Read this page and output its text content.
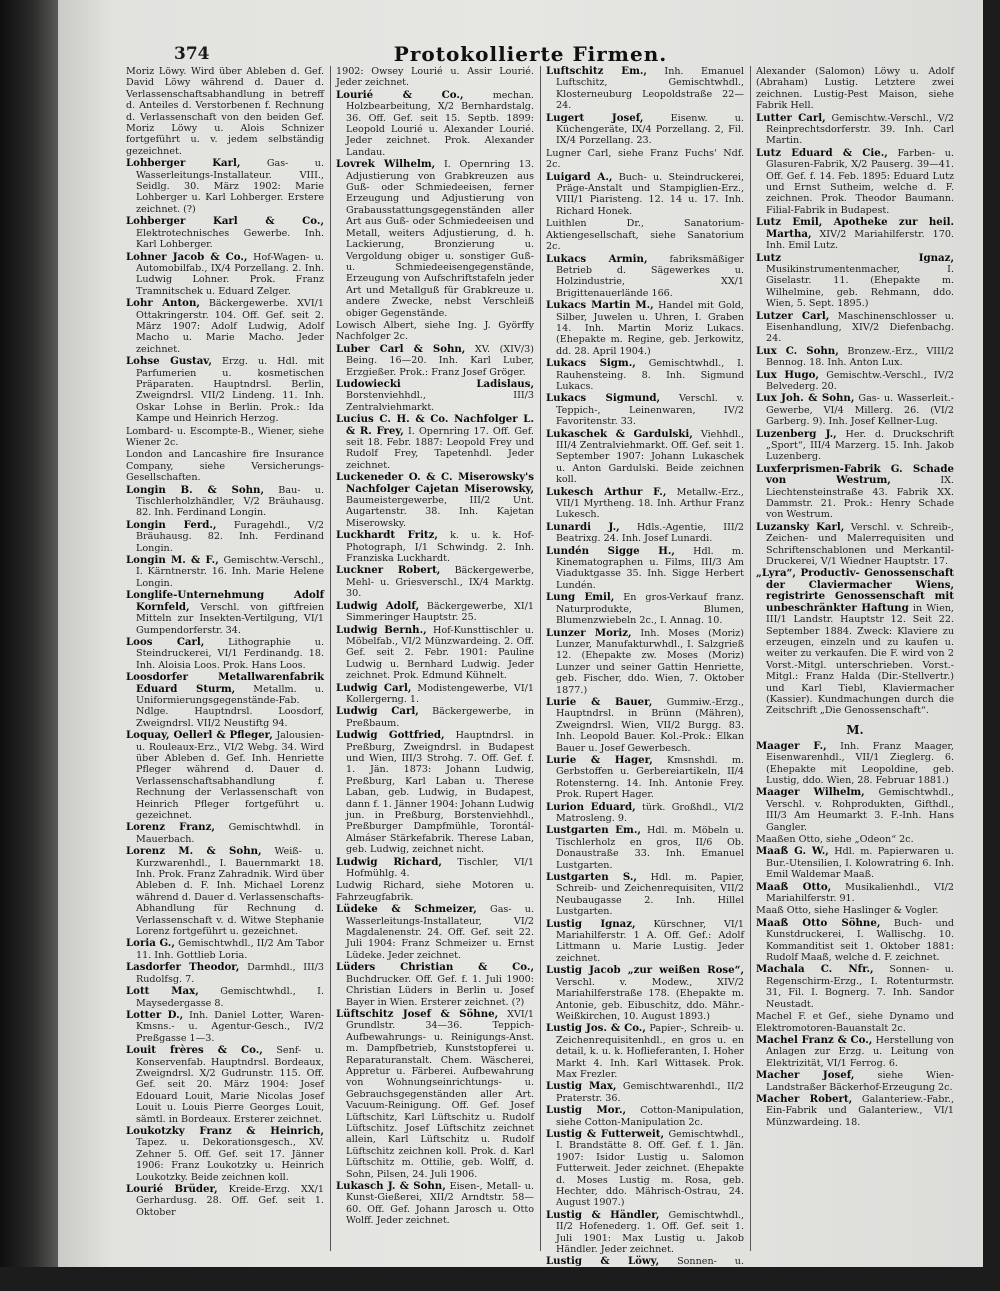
374	Protokollierte Firmen.
Moriz Löwy. Wird über Ableben d. Gef. David Löwy während d. Dauer d. Verlassenschaftsabhandlung in betreff d. Anteiles d. Verstorbenen f. Rechnung d. Verlassenschaft von den beiden Gef. Moriz Löwy u. Alois Schnizer fortgeführt u. v. jedem selbständig gezeichnet.
Lohberger Karl,	Gas- u. Wasserleitungs-Installateur. VIII., Seidlg. 30. März 1902: Marie Lohberger u. Karl Lohberger. Erstere zeichnet. (?)
Lohberger Karl & Co., Elektrotechnisches Gewerbe. Inh. Karl Lohberger.
Lohner Jacob & Co., Hof-Wagen- u. Automobilfab., IX/4 Porzellang. 2. Inh. Ludwig Lohner. Prok. Franz Tramnitschek u. Eduard Zelger.
Lohr Anton, Bäckergewerbe. XVI/1 Ottakringerstr. 104. Off. Gef. seit 2. März 1907: Adolf Ludwig, Adolf Macho u. Marie Macho. Jeder zeichnet.
Lohse Gustav, Erzg. u. Hdl. mit Parfumerien u. kosmetischen Präparaten. Hauptndrsl. Berlin, Zweigndrsl. VII/2 Lindeng. 11. Inh. Oskar Lohse in Berlin. Prok.: Ida Kampe und Heinrich Herzog.
Lombard- u. Escompte-B., Wiener, siehe Wiener 2c.
London and Lancashire fire Insurance Company, siehe Versicherungs-Gesellschaften.
Longin B. & Sohn, Bau- u. Tischlerholzhändler, V/2 Bräuhausg. 82. Inh. Ferdinand Longin.
Longin Ferd., Furagehdl., V/2 Bräuhausg. 82. Inh. Ferdinand Longin.
Longin M. & F., Gemischtw.-Verschl., I. Kärntnerstr. 16. Inh. Marie Helene Longin.
Longlife-Unternehmung Adolf Kornfeld, Verschl. von giftfreien Mitteln zur Insekten-Vertilgung, VI/1 Gumpendorferstr. 34.
Loos Carl, Lithographie u. Steindruckerei, VI/1 Ferdinandg. 18. Inh. Aloisia Loos. Prok. Hans Loos.
Loosdorfer Metallwarenfabrik Eduard Sturm, Metallm. u. Uniformierungsgegenstände-Fab. Ndlge. Hauptndrsl. Loosdorf, Zweigndrsl. VII/2 Neustiftg 94.
Loquay, Oellerl & Pfleger, Jalousien- u. Rouleaux-Erz., VI/2 Webg. 34. Wird über Ableben d. Gef. Inh. Henriette Pfleger während d. Dauer d. Verlassenschaftsabhandlung f. Rechnung der Verlassenschaft von Heinrich Pfleger fortgeführt u. gezeichnet.
Lorenz Franz, Gemischtwhdl. in Mauerbach.
Lorenz M. & Sohn, Weiß- u. Kurzwarenhdl., I. Bauernmarkt 18. Inh. Prok. Franz Zahradnik. Wird über Ableben d. F. Inh. Michael Lorenz während d. Dauer d. Verlassenschafts-Abhandlung für Rechnung d. Verlassenschaft v. d. Witwe Stephanie Lorenz fortgeführt u. gezeichnet.
Loria G., Gemischtwhdl., II/2 Am Tabor 11. Inh. Gottlieb Loria.
Lasdorfer Theodor, Darmhdl., III/3 Rudolfsg. 7.
Lott Max, Gemischtwhdl., I. Maysedergasse 8.
Lotter D., Inh. Daniel Lotter, Waren-Kmsns.- u. Agentur-Gesch., IV/2 Preßgasse 1—3.
Louit frères & Co., Senf- u. Konservenfab. Hauptndrsl. Bordeaux, Zweigndrsl. X/2 Gudrunstr. 115. Off. Gef. seit 20. März 1904: Josef Edouard Louit, Marie Nicolas Josef Louit u. Louis Pierre Georges Louit, sämtl. in Bordeaux. Ersterer zeichnet.
Loukotzky Franz & Heinrich, Tapez. u. Dekorationsgesch., XV. Zehner 5. Off. Gef. seit 17. Jänner 1906: Franz Loukotzky u. Heinrich Loukotzky. Beide zeichnen koll.
Lourié Brüder, Kreide-Erzg. XX/1 Gerhardusg. 28. Off. Gef. seit 1. Oktober
1902: Owsey Lourié u. Assir Lourié. Jeder zeichnet.
Lourié & Co.,	mechan. Holzbearbeitung, X/2 Bernhardstalg. 36. Off. Gef. seit 15. Septb. 1899: Leopold Lourié u. Alexander Lourié. Jeder zeichnet. Prok. Alexander Landau.
Lovrek Wilhelm, I. Opernring 13. Adjustierung von Grabkreuzen aus Guß- oder Schmiedeeisen, ferner Erzeugung und Adjustierung von Grabausstattungsgegenständen aller Art aus Guß- oder Schmiedeeisen und Metall, weiters Adjustierung, d. h. Lackierung, Bronzierung u. Vergoldung obiger u. sonstiger Guß- u. Schmiedeeisengegenstände, Erzeugung von Aufschriftstafeln jeder Art und Metallguß für Grabkreuze u. andere Zwecke, nebst Verschleiß obiger Gegenstände.
Lowisch Albert, siehe Ing. J. Györffy Nachfolger 2c.
Luber Carl & Sohn, XV. (XIV/3) Being. 16—20. Inh. Karl Luber, Erzgießer. Prok.: Franz Josef Gröger.
Ludowiecki Ladislaus, Borstenviehhdl., III/3 Zentralviehmarkt.
Lucius C. H. & Co. Nachfolger L. & R. Frey, I. Opernring 17. Off. Gef. seit 18. Febr. 1887: Leopold Frey und Rudolf Frey, Tapetenhdl. Jeder zeichnet.
Luckeneder O. & C. Miserowsky's Nachfolger Cajetan Miserowsky, Baumeistergewerbe, III/2 Unt. Augartenstr. 38. Inh. Kajetan Miserowsky.
Luckhardt Fritz, k. u. k. Hof-Photograph, I/1 Schwindg. 2. Inh. Franziska Luckhardt.
Luckner Robert, Bäckergewerbe, Mehl- u. Griesverschl., IX/4 Marktg. 30.
Ludwig Adolf, Bäckergewerbe, XI/1 Simmeringer Hauptstr. 25.
Ludwig Bernh., Hof-Kunsttischler u. Möbelfab., VI/2 Münzwardeing. 2. Off. Gef. seit 2. Febr. 1901: Pauline Ludwig u. Bernhard Ludwig. Jeder zeichnet. Prok. Edmund Kühnelt.
Ludwig Carl, Modistengewerbe, VI/1 Kollergerng. 1.
Ludwig Carl, Bäckergewerbe, in Preßbaum.
Ludwig Gottfried, Hauptndrsl. in Preßburg, Zweigndrsl. in Budapest und Wien, III/3 Strohg. 7. Off. Gef. f. 1. Jän. 1873: Johann Ludwig, Preßburg, Karl Laban u. Therese Laban, geb. Ludwig, in Budapest, dann f. 1. Jänner 1904: Johann Ludwig jun. in Preßburg, Borstenviehhdl., Preßburger Dampfmühle, Torontál-Almáser Stärkefabrik. Therese Laban, geb. Ludwig, zeichnet nicht.
Ludwig Richard, Tischler, VI/1 Hofmühlg. 4.
Ludwig Richard, siehe Motoren u. Fahrzeugfabrik.
Lüdeke & Schmeizer, Gas- u. Wasserleitungs-Installateur, VI/2 Magdalenenstr. 24. Off. Gef. seit 22. Juli 1904: Franz Schmeizer u. Ernst Lüdeke. Jeder zeichnet.
Lüders Christian & Co., Buchdrucker. Off. Gef. f. 1. Juli 1900: Christian Lüders in Berlin u. Josef Bayer in Wien. Ersterer zeichnet. (?)
Lüftschitz Josef & Söhne, XVI/1 Grundlstr. 34—36. Teppich-Aufbewahrungs- u. Reinigungs-Anst. m. Dampfbetrieb, Kunststopferei u. Reparaturanstalt. Chem. Wäscherei, Appretur u. Färberei. Aufbewahrung von Wohnungseinrichtungs- u. Gebrauchsgegenständen aller Art. Vacuum-Reinigung. Off. Gef. Josef Lüftschitz, Karl Lüftschitz u. Rudolf Lüftschitz. Josef Lüftschitz zeichnet allein, Karl Lüftschitz u. Rudolf Lüftschitz zeichnen koll. Prok. d. Karl Lüftschitz m. Ottilie, geb. Wolff, d. Sohn, Pilsen, 24. Juli 1906.
Lukasch J. & Sohn, Eisen-, Metall- u. Kunst-Gießerei, XII/2 Arndtstr. 58—60. Off. Gef. Johann Jarosch u. Otto Wolff. Jeder zeichnet.
Luftschitz Em., Inh. Emanuel Luftschitz, Gemischtwhdl., Klosterneuburg Leopoldstraße 22—24.
Lugert Josef,	Eisenw. u. Küchengeräte, IX/4 Porzellang. 2, Fil. IX/4 Porzellang. 23.
Lugner Carl, siehe Franz Fuchs' Ndf. 2c.
Luigard A., Buch- u. Steindruckerei, Präge-Anstalt und Stampiglien-Erz., VIII/1 Piaristeng. 12. 14 u. 17. Inh. Richard Honek.
Luithlen Dr., Sanatorium-Aktiengesellschaft, siehe Sanatorium 2c.
Lukacs Armin, fabriksmäßiger Betrieb d. Sägewerkes u. Holzindustrie, XX/1 Brigittenauerlände 166.
Lukacs Martin M., Handel mit Gold, Silber, Juwelen u. Uhren, I. Graben 14. Inh. Martin Moriz Lukacs. (Ehepakte m. Regine, geb. Jerkowitz, dd. 28. April 1904.)
Lukacs Sigm., Gemischtwhdl., I. Rauhensteing. 8. Inh. Sigmund Lukacs.
Lukacs Sigmund, Verschl. v. Teppich-, Leinenwaren, IV/2 Favoritenstr. 33.
Lukaschek & Gardulski, Viehhdl., III/4 Zentralviehmarkt. Off. Gef. seit 1. September 1907: Johann Lukaschek u. Anton Gardulski. Beide zeichnen koll.
Lukesch Arthur F., Metallw.-Erz., VII/1 Myrtheng. 18. Inh. Arthur Franz Lukesch.
Lunardi J., Hdls.-Agentie, III/2 Beatrixg. 24. Inh. Josef Lunardi.
Lundén Sigge H., Hdl. m. Kinematographen u. Films, III/3 Am Viaduktgasse 35. Inh. Sigge Herbert Lundén.
Lung Emil, En gros-Verkauf franz. Naturprodukte, Blumen, Blumenzwiebeln 2c., I. Annag. 10.
Lunzer Moriz, Inh. Moses (Moriz) Lunzer, Manufakturwhdl., I. Salzgrieß 12. (Ehepakte zw. Moses (Moriz) Lunzer und seiner Gattin Henriette, geb. Fischer, ddo. Wien, 7. Oktober 1877.)
Lurie & Bauer, Gummiw.-Erzg., Hauptndrsl. in Brünn (Mähren), Zweigndrsl. Wien, VII/2 Burgg. 83. Inh. Leopold Bauer. Kol.-Prok.: Elkan Bauer u. Josef Gewerbesch.
Lurie & Hager, Kmsnshdl. m. Gerbstoffen u. Gerbereiartikeln, II/4 Rotensterng. 14. Inh. Antonie Frey. Prok. Rupert Hager.
Lurion Eduard, türk. Großhdl., VI/2 Matrosleng. 9.
Lustgarten Em., Hdl. m. Möbeln u. Tischlerholz en gros, II/6 Ob. Donaustraße 33. Inh. Emanuel Lustgarten.
Lustgarten S., Hdl. m. Papier, Schreib- und Zeichenrequisiten, VII/2 Neubaugasse 2. Inh. Hillel Lustgarten.
Lustig Ignaz, Kürschner, VI/1 Mariahilferstr. 1 A. Off. Gef.: Adolf Littmann u. Marie Lustig. Jeder zeichnet.
Lustig Jacob „zur weißen Rose“, Verschl. v. Modew., XIV/2 Mariahilferstraße 178. (Ehepakte m. Antonie, geb. Eibuschitz, ddo. Mähr.-Weißkirchen, 10. August 1893.)
Lustig Jos. & Co., Papier-, Schreib- u. Zeichenrequisitenhdl., en gros u. en detail, k. u. k. Hoflieferanten, I. Hoher Markt 4. Inh. Karl Wittasek. Prok. Max Frezler.
Lustig Max, Gemischtwarenhdl., II/2 Praterstr. 36.
Lustig Mor., Cotton-Manipulation, siehe Cotton-Manipulation 2c.
Lustig & Futterweit, Gemischtwhdl., I. Brandstätte 8. Off. Gef. f. 1. Jän. 1907: Isidor Lustig u. Salomon Futterweit. Jeder zeichnet. (Ehepakte d. Moses Lustig m. Rosa, geb. Hechter, ddo. Mährisch-Ostrau, 24. August 1907.)
Lustig & Händler, Gemischtwhdl., II/2 Hofenederg. 1. Off. Gef. seit 1. Juli 1901: Max Lustig u. Jakob Händler. Jeder zeichnet.
Lustig & Löwy, Sonnen- u. Regenschirm-Erzg. 2. Off. Gef. seit 4. April 1906: Emil Löwy,
Alexander (Salomon) Löwy u. Adolf (Abraham) Lustig. Letztere zwei zeichnen. Lustig-Pest Maison, siehe Fabrik Hell.
Lutter Carl, Gemischtw.-Verschl., V/2 Reinprechtsdorferstr. 39. Inh. Carl Martin.
Lutz Eduard & Cie., Farben- u. Glasuren-Fabrik, X/2 Pauserg. 39—41. Off. Gef. f. 14. Feb. 1895: Eduard Lutz und Ernst Sutheim, welche d. F. zeichnen. Prok. Theodor Baumann. Filial-Fabrik in Budapest.
Lutz Emil, Apotheke zur heil. Martha, XIV/2 Mariahilferstr. 170. Inh. Emil Lutz.
Lutz Ignaz, Musikinstrumentenmacher, I. Giselastr. 11. (Ehepakte m. Wilhelmine, geb. Rehmann, ddo. Wien, 5. Sept. 1895.)
Lutzer Carl, Maschinenschlosser u. Eisenhandlung, XIV/2 Diefenbachg. 24.
Lux C. Sohn, Bronzew.-Erz., VIII/2 Bennog. 18. Inh. Anton Lux.
Lux Hugo, Gemischtw.-Verschl., IV/2 Belvederg. 20.
Lux Joh. & Sohn, Gas- u. Wasserleit.-Gewerbe, VI/4 Millerg. 26. (VI/2 Garberg. 9). Inh. Josef Kellner-Lug.
Luzenberg J., Her. d. Druckschrift „Sport“, III/4 Marzerg. 15. Inh. Jakob Luzenberg.
Luxferprismen-Fabrik G. Schade von Westrum,	IX. Liechtensteinstraße 43. Fabrik XX. Dammstr. 21. Prok.: Henry Schade von Westrum.
Luzansky Karl, Verschl. v. Schreib-, Zeichen- und Malerrequisiten und Schriftenschablonen und Merkantil-Druckerei, V/1 Wiedner Hauptstr. 17.
„Lyra“, Productiv- Genossenschaft der Claviermacher Wiens, registrirte Genossenschaft mit unbeschränkter Haftung in Wien, III/1 Landstr. Hauptstr 12. Seit 22. September 1884. Zweck: Klaviere zu erzeugen, einzeln und zu kaufen u. weiter zu verkaufen. Die F. wird von 2 Vorst.-Mitgl. unterschrieben. Vorst.-Mitgl.: Franz Halda (Dir.-Stellvertr.) und Karl Tiebl, Klaviermacher (Kassier). Kundmachungen durch die Zeitschrift „Die Genossenschaft“.
M.
Maager F., Inh. Franz Maager, Eisenwarenhdl., VII/1 Zieglerg. 6. (Ehepakte mit Leopoldine, geb. Lustig, ddo. Wien, 28. Februar 1881.)
Maager Wilhelm, Gemischtwhdl., Verschl. v. Rohprodukten, Gifthdl., III/3 Am Heumarkt 3. F.-Inh. Hans Gangler.
Maaßen Otto, siehe „Odeon“ 2c.
Maaß G. W., Hdl. m. Papierwaren u. Bur.-Utensilien, I. Kolowratring 6. Inh. Emil Waldemar Maaß.
Maaß Otto, Musikalienhdl., VI/2 Mariahilferstr. 91.
Maaß Otto, siehe Haslinger & Vogler.
Maaß Otto Söhne, Buch- und Kunstdruckerei, I. Wallischg. 10. Kommanditist seit 1. Oktober 1881: Rudolf Maaß, welche d. F. zeichnet.
Machala C. Nfr., Sonnen- u. Regenschirm-Erzg., I. Rotenturmstr. 31, Fil. I. Bognerg. 7. Inh. Sandor Neustadt.
Machel F. et Gef., siehe Dynamo und Elektromotoren-Bauanstalt 2c.
Machel Franz & Co., Herstellung von Anlagen zur Erzg. u. Leitung von Elektrizität, VI/1 Ferrog. 6.
Macher Josef, siehe Wien-Landstraßer Bäckerhof-Erzeugung 2c.
Macher Robert, Galanteriew.-Fabr., Ein-Fabrik und Galanteriew., VI/1 Münzwardeing. 18.
